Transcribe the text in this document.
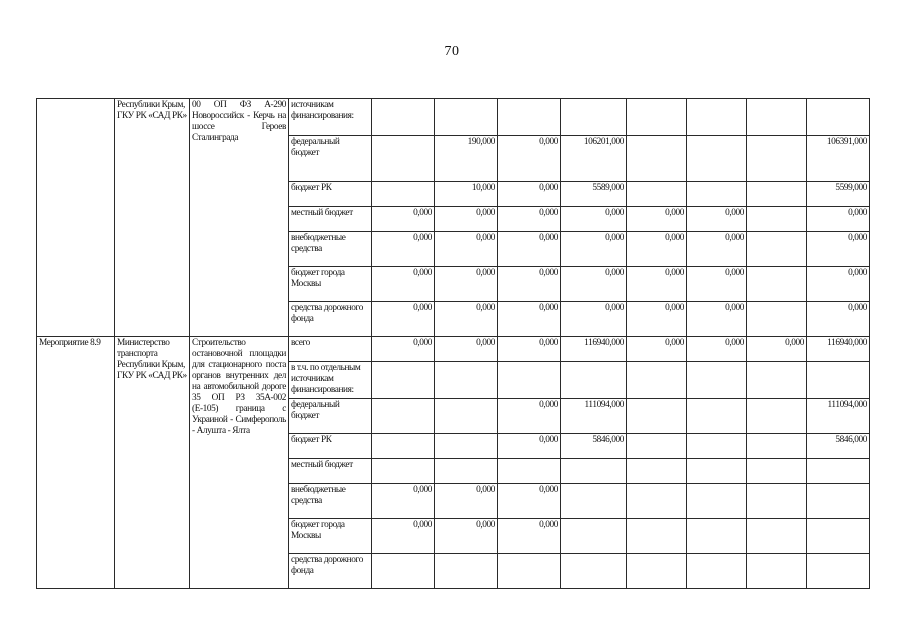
70
	Республики Крым, ГКУ РК «САД РК»	00 ОП ФЗ А-290 Новороссийск - Керчь на шоссе Героев Сталинграда	источникам финансирования:								
			федеральный бюджет		190,000	0,000	106201,000				106391,000
			бюджет РК		10,000	0,000	5589,000				5599,000
			местный бюджет	0,000	0,000	0,000	0,000	0,000	0,000		0,000
			внебюджетные средства	0,000	0,000	0,000	0,000	0,000	0,000		0,000
			бюджет города Москвы	0,000	0,000	0,000	0,000	0,000	0,000		0,000
			средства дорожного фонда	0,000	0,000	0,000	0,000	0,000	0,000		0,000
Мероприятие 8.9	Министерство транспорта Республики Крым, ГКУ РК «САД РК»	Строительство остановочной площадки для стационарного поста органов внутренних дел на автомобильной дороге 35 ОП РЗ 35А-002 (Е-105) граница с Украиной - Симферополь - Алушта - Ялта	всего	0,000	0,000	0,000	116940,000	0,000	0,000	0,000	116940,000
			в т.ч. по отдельным источникам финансирования:								
			федеральный бюджет			0,000	111094,000				111094,000
			бюджет РК			0,000	5846,000				5846,000
			местный бюджет								
			внебюджетные средства	0,000	0,000	0,000					
			бюджет города Москвы	0,000	0,000	0,000					
			средства дорожного фонда								
